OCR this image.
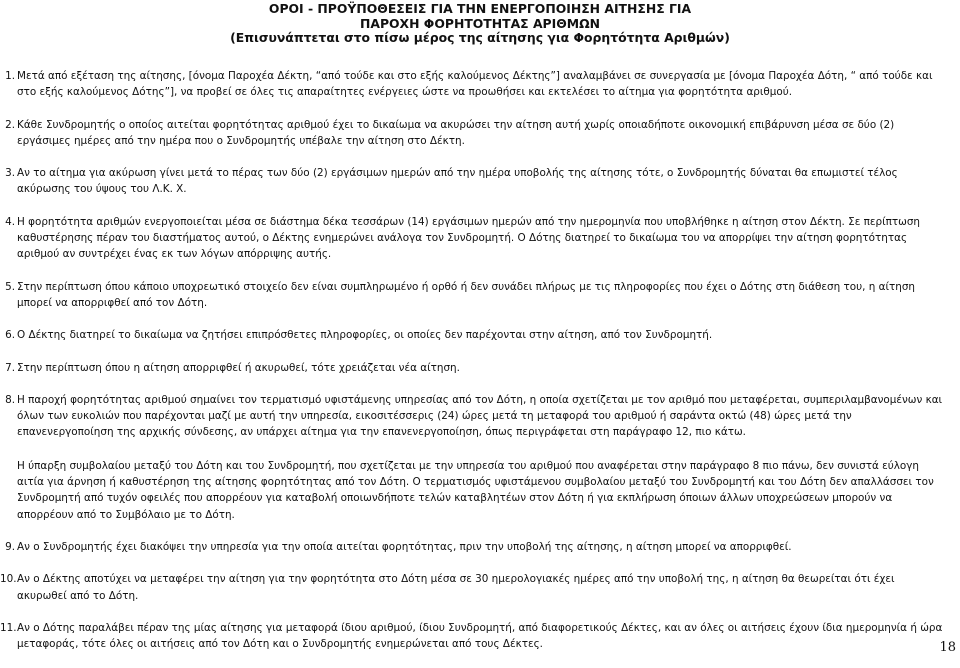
ΟΡΟΙ - ΠΡΟΫΠΟΘΕΣΕΙΣ ΓΙΑ ΤΗΝ ΕΝΕΡΓΟΠΟΙΗΣΗ ΑΙΤΗΣΗΣ ΓΙΑ
ΠΑΡΟΧΗ ΦΟΡΗΤΟΤΗΤΑΣ ΑΡΙΘΜΩΝ
(Επισυνάπτεται στο πίσω μέρος της αίτησης για Φορητότητα Αριθμών)
1. Μετά από εξέταση της αίτησης, [όνομα Παροχέα Δέκτη, “από τούδε και στο εξής καλούμενος Δέκτης”] αναλαμβάνει σε συνεργασία με [όνομα Παροχέα Δότη, “ από τούδε και στο εξής καλούμενος Δότης”], να προβεί σε όλες τις απαραίτητες ενέργειες ώστε να προωθήσει και εκτελέσει το αίτημα για φορητότητα αριθμού.
2. Κάθε Συνδρομητής ο οποίος αιτείται φορητότητας αριθμού έχει το δικαίωμα να ακυρώσει την αίτηση αυτή χωρίς οποιαδήποτε οικονομική επιβάρυνση μέσα σε δύο (2) εργάσιμες ημέρες από την ημέρα που ο Συνδρομητής υπέβαλε την αίτηση στο Δέκτη.
3. Αν το αίτημα για ακύρωση γίνει μετά το πέρας των δύο (2) εργάσιμων ημερών από την ημέρα υποβολής της αίτησης τότε, ο Συνδρομητής δύναται θα επωμιστεί τέλος ακύρωσης του ύψους του Λ.Κ. Χ.
4. Η φορητότητα αριθμών ενεργοποιείται μέσα σε διάστημα δέκα τεσσάρων (14) εργάσιμων ημερών από την ημερομηνία που υποβλήθηκε η αίτηση στον Δέκτη. Σε περίπτωση καθυστέρησης πέραν του διαστήματος αυτού, ο Δέκτης ενημερώνει ανάλογα τον Συνδρομητή. Ο Δότης διατηρεί το δικαίωμα του να απορρίψει την αίτηση φορητότητας αριθμού αν συντρέχει ένας εκ των λόγων απόρριψης αυτής.
5. Στην περίπτωση όπου κάποιο υποχρεωτικό στοιχείο δεν είναι συμπληρωμένο ή ορθό ή δεν συνάδει πλήρως με τις πληροφορίες που έχει ο Δότης στη διάθεση του, η αίτηση μπορεί να απορριφθεί από τον Δότη.
6. Ο Δέκτης διατηρεί το δικαίωμα να ζητήσει επιπρόσθετες πληροφορίες, οι οποίες δεν παρέχονται στην αίτηση, από τον Συνδρομητή.
7. Στην περίπτωση όπου η αίτηση απορριφθεί ή ακυρωθεί, τότε χρειάζεται νέα αίτηση.
8. Η παροχή φορητότητας αριθμού σημαίνει τον τερματισμό υφιστάμενης υπηρεσίας από τον Δότη, η οποία σχετίζεται με τον αριθμό που μεταφέρεται, συμπεριλαμβανομένων και όλων των ευκολιών που παρέχονται μαζί με αυτή την υπηρεσία, εικοσιτέσσερις (24) ώρες μετά τη μεταφορά του αριθμού ή σαράντα οκτώ (48) ώρες μετά την επανενεργοποίηση της αρχικής σύνδεσης, αν υπάρχει αίτημα για την επανενεργοποίηση, όπως περιγράφεται στη παράγραφο 12, πιο κάτω.
Η ύπαρξη συμβολαίου μεταξύ του Δότη και του Συνδρομητή, που σχετίζεται με την υπηρεσία του αριθμού που αναφέρεται στην παράγραφο 8 πιο πάνω, δεν συνιστά εύλογη αιτία για άρνηση ή καθυστέρηση της αίτησης φορητότητας από τον Δότη. Ο τερματισμός υφιστάμενου συμβολαίου μεταξύ του Συνδρομητή και του Δότη δεν απαλλάσσει τον Συνδρομητή από τυχόν οφειλές που απορρέουν για καταβολή οποιωνδήποτε τελών καταβλητέων στον Δότη ή για εκπλήρωση όποιων άλλων υποχρεώσεων μπορούν να απορρέουν από το Συμβόλαιο με το Δότη.
9. Αν ο Συνδρομητής έχει διακόψει την υπηρεσία για την οποία αιτείται φορητότητας, πριν την υποβολή της αίτησης, η αίτηση μπορεί να απορριφθεί.
10. Αν ο Δέκτης αποτύχει να μεταφέρει την αίτηση για την φορητότητα στο Δότη μέσα σε 30 ημερολογιακές ημέρες από την υποβολή της, η αίτηση θα θεωρείται ότι έχει ακυρωθεί από το Δότη.
11. Αν ο Δότης παραλάβει πέραν της μίας αίτησης για μεταφορά ίδιου αριθμού, ίδιου Συνδρομητή, από διαφορετικούς Δέκτες, και αν όλες οι αιτήσεις έχουν ίδια ημερομηνία ή ώρα μεταφοράς, τότε όλες οι αιτήσεις από τον Δότη και ο Συνδρομητής ενημερώνεται από τους Δέκτες.	18
